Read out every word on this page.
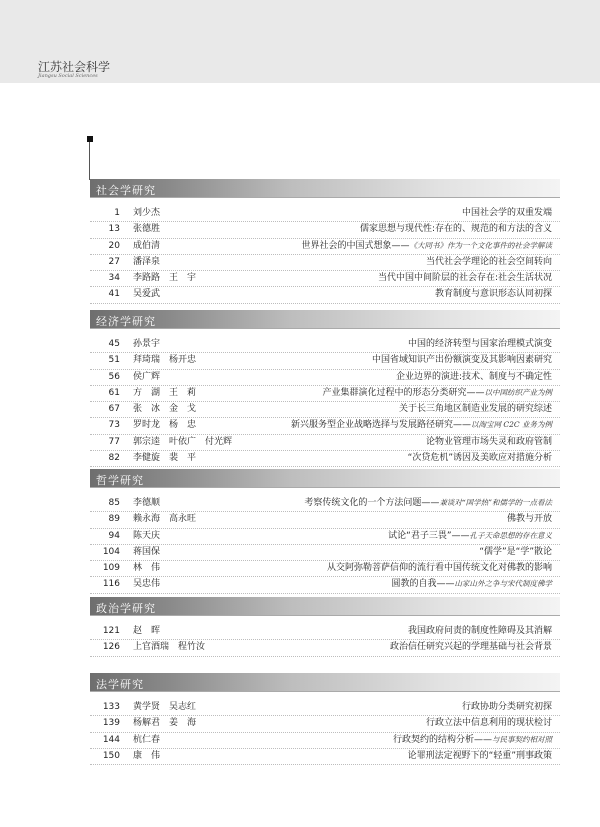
江苏社会科学
Jiangsu Social Sciences
社会学研究
1 刘少杰	中国社会学的双重发端
13 张德胜	儒家思想与现代性:存在的、规范的和方法的含义
20 成伯清	世界社会的中国式想象——《大同书》作为一个文化事件的社会学解读
27 潘泽泉	当代社会学理论的社会空间转向
34 李路路　王　宇	当代中国中间阶层的社会存在:社会生活状况
41 吴爱武	教育制度与意识形态认同初探
经济学研究
45 孙景宇	中国的经济转型与国家治理模式演变
51 拜琦瑞　杨开忠	中国省域知识产出份额演变及其影响因素研究
56 侯广辉	企业边界的演进:技术、制度与不确定性
61 方　湖　王　莉	产业集群演化过程中的形态分类研究——以中国纺织产业为例
67 张　冰　金　戈	关于长三角地区制造业发展的研究综述
73 罗时龙　杨　忠	新兴服务型企业战略选择与发展路径研究——以淘宝网 C2C 业务为例
77 郭宗逵　叶依广　付光辉	论物业管理市场失灵和政府管制
82 李健旋　裴　平	“次贷危机”诱因及美欧应对措施分析
哲学研究
85 李德顺	考察传统文化的一个方法问题——兼谈对“国学热”和儒学的一点看法
89 赖永海　高永旺	佛教与开放
94 陈天庆	试论“君子三畏”——孔子天命思想的存在意义
104 蒋国保	“儒学”是“学”散论
109 林　伟	从交阿弥勒菩萨信仰的流行看中国传统文化对佛教的影响
116 吴忠伟	圆教的自我——山家山外之争与宋代制度佛学
政治学研究
121 赵　晖	我国政府问责的制度性障碍及其消解
126 上官酒瑞　程竹汝	政治信任研究兴起的学理基础与社会背景
法学研究
133 黄学贤　吴志红	行政协助分类研究初探
139 杨解君　姜　海	行政立法中信息利用的现状检讨
144 杭仁春	行政契约的结构分析——与民事契约相对照
150 康　伟	论罪刑法定视野下的“轻重”刑事政策
